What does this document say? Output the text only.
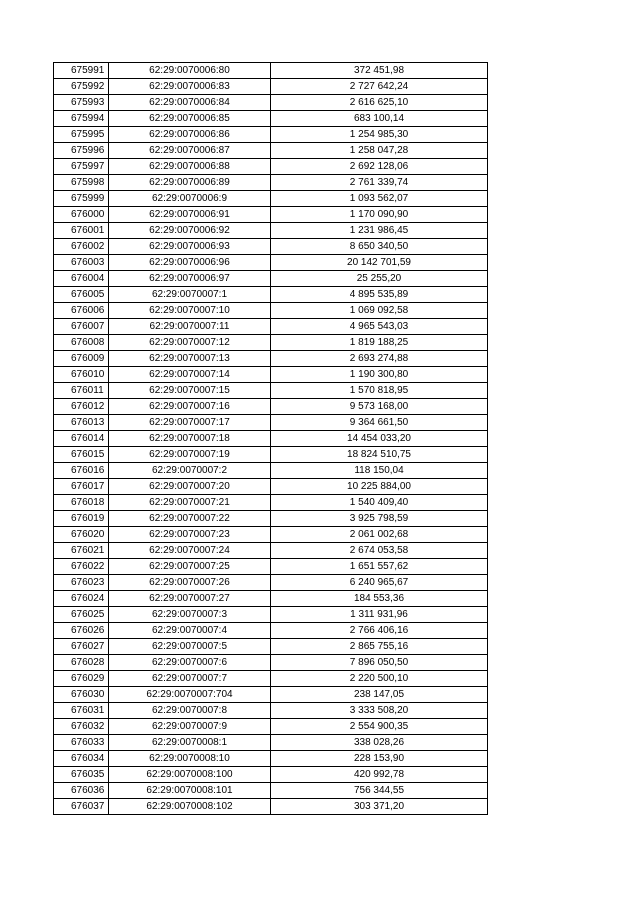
675991	62:29:0070006:80	372 451,98
675992	62:29:0070006:83	2 727 642,24
675993	62:29:0070006:84	2 616 625,10
675994	62:29:0070006:85	683 100,14
675995	62:29:0070006:86	1 254 985,30
675996	62:29:0070006:87	1 258 047,28
675997	62:29:0070006:88	2 692 128,06
675998	62:29:0070006:89	2 761 339,74
675999	62:29:0070006:9	1 093 562,07
676000	62:29:0070006:91	1 170 090,90
676001	62:29:0070006:92	1 231 986,45
676002	62:29:0070006:93	8 650 340,50
676003	62:29:0070006:96	20 142 701,59
676004	62:29:0070006:97	25 255,20
676005	62:29:0070007:1	4 895 535,89
676006	62:29:0070007:10	1 069 092,58
676007	62:29:0070007:11	4 965 543,03
676008	62:29:0070007:12	1 819 188,25
676009	62:29:0070007:13	2 693 274,88
676010	62:29:0070007:14	1 190 300,80
676011	62:29:0070007:15	1 570 818,95
676012	62:29:0070007:16	9 573 168,00
676013	62:29:0070007:17	9 364 661,50
676014	62:29:0070007:18	14 454 033,20
676015	62:29:0070007:19	18 824 510,75
676016	62:29:0070007:2	118 150,04
676017	62:29:0070007:20	10 225 884,00
676018	62:29:0070007:21	1 540 409,40
676019	62:29:0070007:22	3 925 798,59
676020	62:29:0070007:23	2 061 002,68
676021	62:29:0070007:24	2 674 053,58
676022	62:29:0070007:25	1 651 557,62
676023	62:29:0070007:26	6 240 965,67
676024	62:29:0070007:27	184 553,36
676025	62:29:0070007:3	1 311 931,96
676026	62:29:0070007:4	2 766 406,16
676027	62:29:0070007:5	2 865 755,16
676028	62:29:0070007:6	7 896 050,50
676029	62:29:0070007:7	2 220 500,10
676030	62:29:0070007:704	238 147,05
676031	62:29:0070007:8	3 333 508,20
676032	62:29:0070007:9	2 554 900,35
676033	62:29:0070008:1	338 028,26
676034	62:29:0070008:10	228 153,90
676035	62:29:0070008:100	420 992,78
676036	62:29:0070008:101	756 344,55
676037	62:29:0070008:102	303 371,20
